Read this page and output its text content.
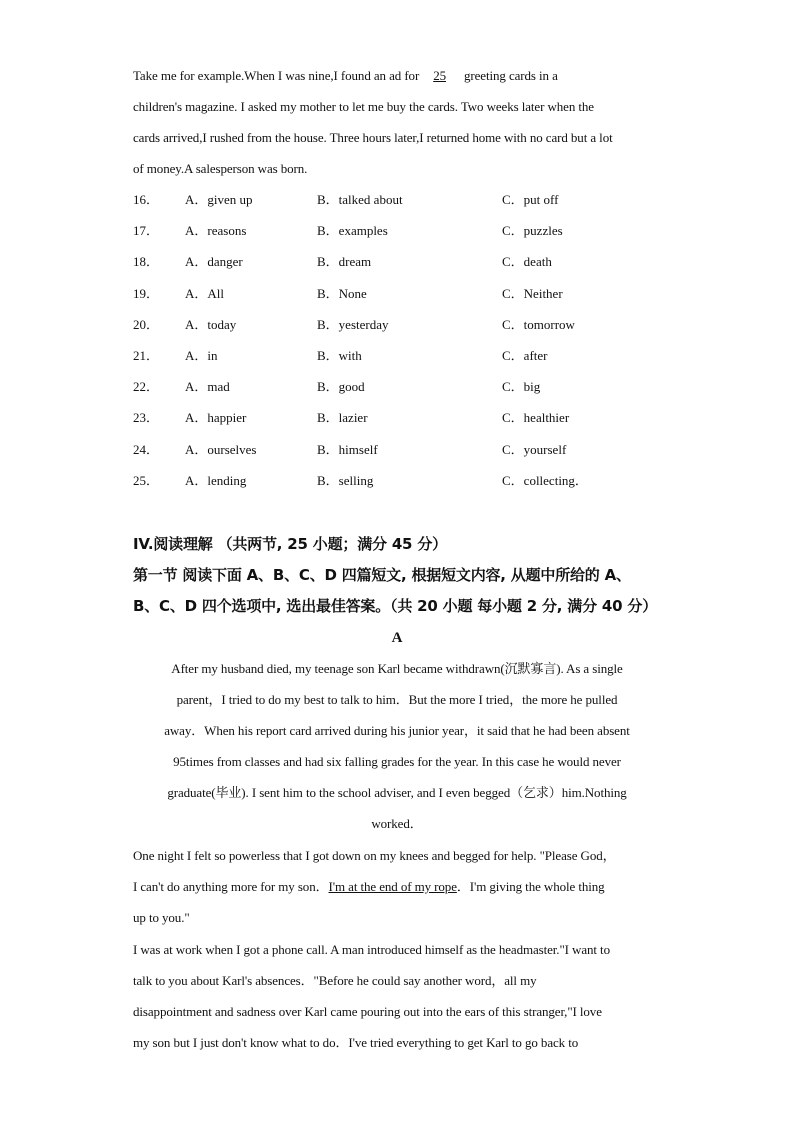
Take me for example.When I was nine,I found an ad for 25 greeting cards in a
children's magazine. I asked my mother to let me buy the cards. Two weeks later when the
cards arrived,I rushed from the house. Three hours later,I returned home with no card but a lot
of money.A salesperson was born.
16． A．given up	B．talked about	C．put off
17． A．reasons	B．examples	C．puzzles
18． A．danger	B．dream	C．death
19． A．All	B．None	C．Neither
20． A．today	B．yesterday	C．tomorrow
21． A．in	B．with	C．after
22． A．mad	B．good	C．big
23． A．happier	B．lazier	C．healthier
24． A．ourselves	B．himself	C．yourself
25． A．lending	B．selling	C．collecting．
IV.阅读理解 （共两节, 25 小题；满分 45 分）
第一节 阅读下面 A、B、C、D 四篇短文, 根据短文内容, 从题中所给的 A、
B、C、D 四个选项中, 选出最佳答案。（共 20 小题 每小题 2 分, 满分 40 分）
A
After my husband died, my teenage son Karl became withdrawn(沉默寡言). As a single
parent，I tried to do my best to talk to him．But the more I tried，the more he pulled
away．When his report card arrived during his junior year，it said that he had been absent
95times from classes and had six falling grades for the year. In this case he would never
graduate(毕业). I sent him to the school adviser, and I even begged（乞求）him.Nothing
worked．
One night I felt so powerless that I got down on my knees and begged for help. "Please God，
I can't do anything more for my son．I'm at the end of my rope．I'm giving the whole thing
up to you."
I was at work when I got a phone call. A man introduced himself as the headmaster."I want to
talk to you about Karl's absences．"Before he could say another word，all my
disappointment and sadness over Karl came pouring out into the ears of this stranger,"I love
my son but I just don't know what to do．I've tried everything to get Karl to go back to
